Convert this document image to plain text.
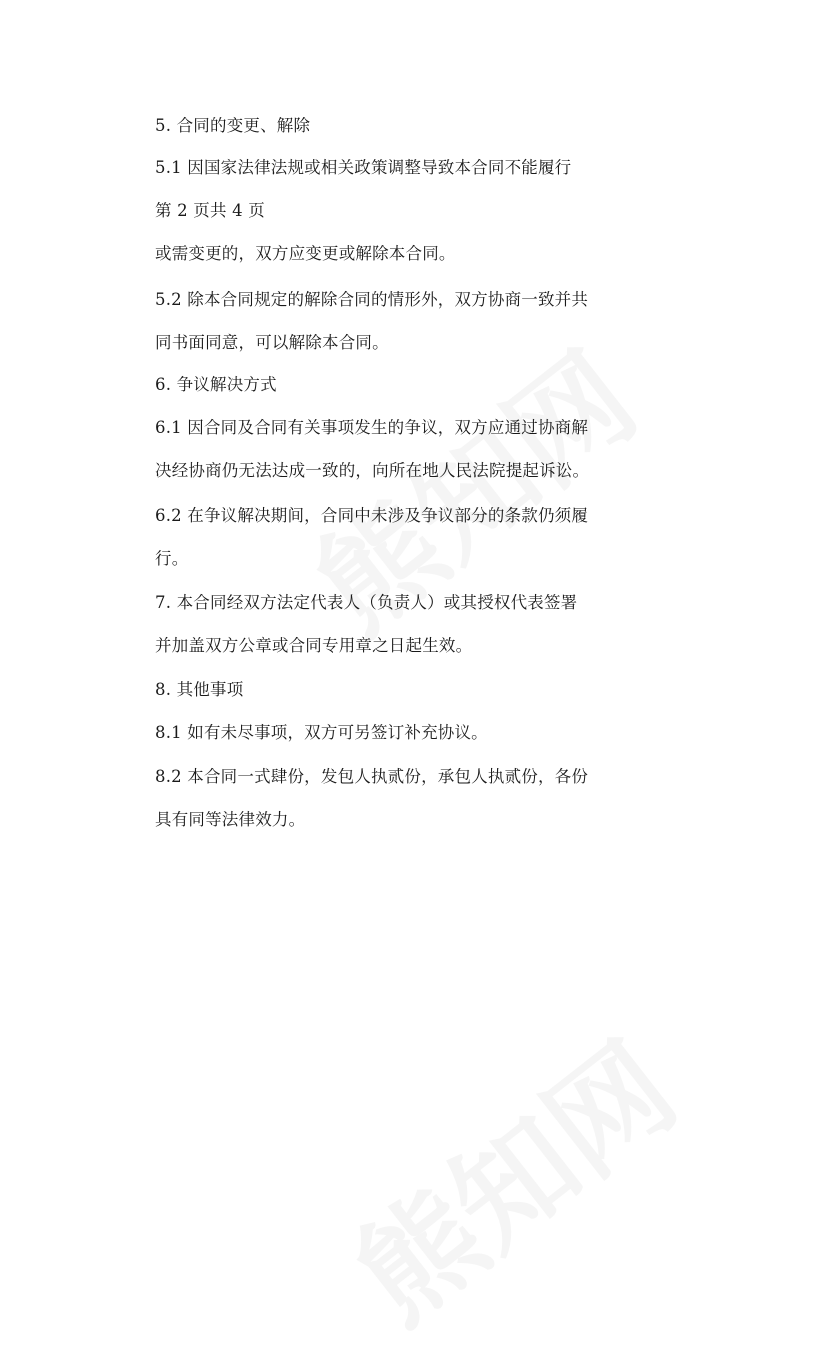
5. 合同的变更、解除
5.1 因国家法律法规或相关政策调整导致本合同不能履行
第 2 页共 4 页
或需变更的，双方应变更或解除本合同。
5.2 除本合同规定的解除合同的情形外，双方协商一致并共
同书面同意，可以解除本合同。
6. 争议解决方式
6.1 因合同及合同有关事项发生的争议，双方应通过协商解
决经协商仍无法达成一致的，向所在地人民法院提起诉讼。
6.2 在争议解决期间，合同中未涉及争议部分的条款仍须履
行。
7. 本合同经双方法定代表人（负责人）或其授权代表签署
并加盖双方公章或合同专用章之日起生效。
8. 其他事项
8.1 如有未尽事项，双方可另签订补充协议。
8.2 本合同一式肆份，发包人执贰份，承包人执贰份，各份
具有同等法律效力。
